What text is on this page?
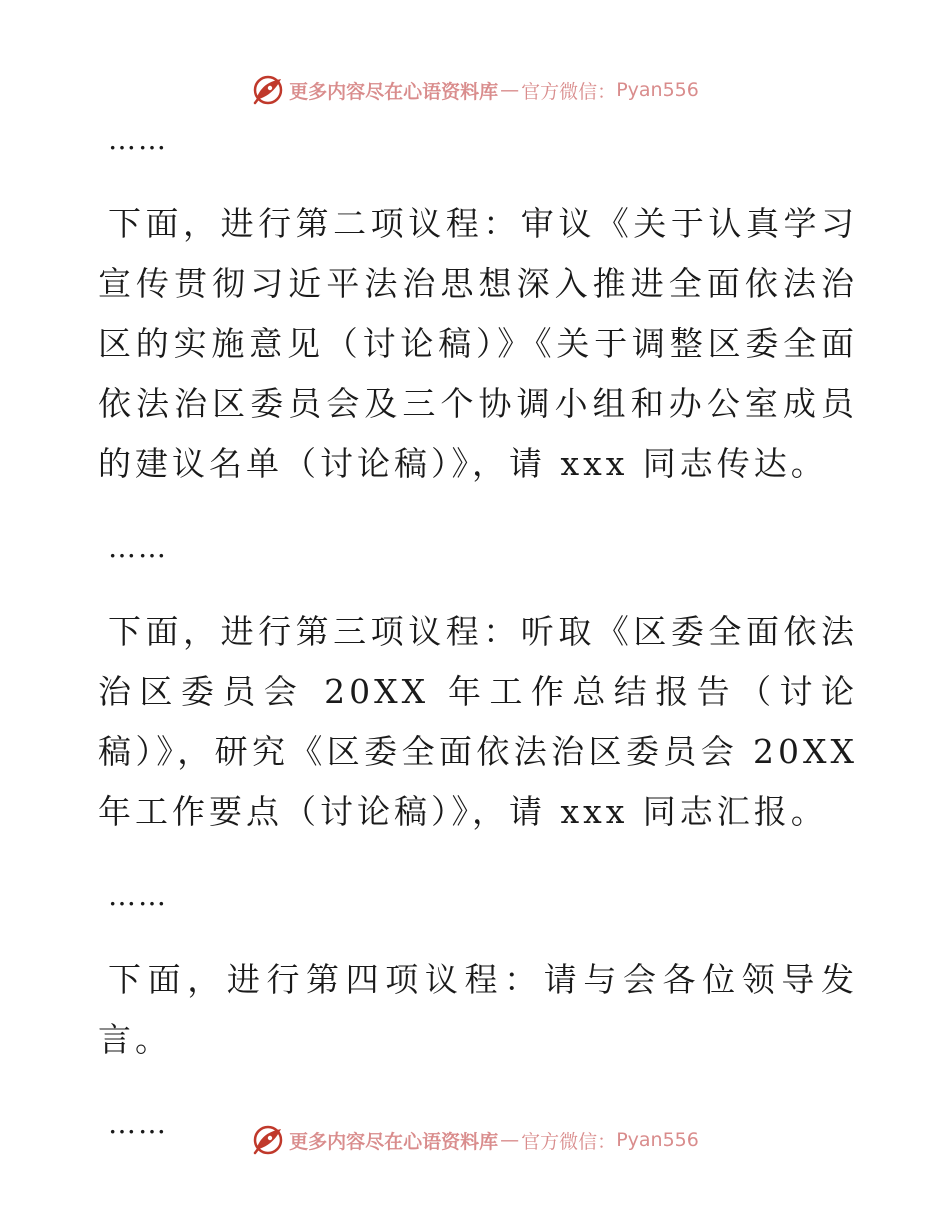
更多内容尽在心语资料库 — 官方微信： Pyan556
……

下面，进行第二项议程：审议《关于认真学习宣传贯彻习近平法治思想深入推进全面依法治区的实施意见（讨论稿）》《关于调整区委全面依法治区委员会及三个协调小组和办公室成员的建议名单（讨论稿）》，请 xxx 同志传达。

……

下面，进行第三项议程：听取《区委全面依法治区委员会 20XX 年工作总结报告（讨论稿）》，研究《区委全面依法治区委员会 20XX 年工作要点（讨论稿）》，请 xxx 同志汇报。

……

下面，进行第四项议程：请与会各位领导发言。

……
更多内容尽在心语资料库 — 官方微信： Pyan556
